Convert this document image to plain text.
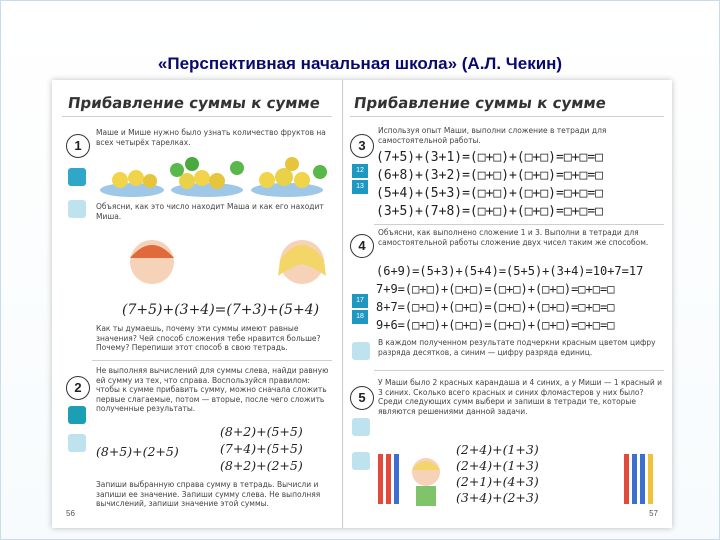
«Перспективная начальная школа» (А.Л. Чекин)
Прибавление суммы к сумме
1
Маше и Мише нужно было узнать количество фруктов на всех четырёх тарелках.
Объясни, как это число находит Маша и как его находит Миша.
(7+5)+(3+4)=(7+3)+(5+4)
Как ты думаешь, почему эти суммы имеют равные значения? Чей способ сложения тебе нравится больше? Почему? Перепиши этот способ в свою тетрадь.
2
Не выполняя вычислений для суммы слева, найди равную ей сумму из тех, что справа. Воспользуйся правилом: чтобы к сумме прибавить сумму, можно сначала сложить первые слагаемые, потом — вторые, после чего сложить полученные результаты.
(8+5)+(2+5)
(8+2)+(5+5)
(7+4)+(5+5)
(8+2)+(2+5)
Запиши выбранную справа сумму в тетрадь. Вычисли и запиши ее значение. Запиши сумму слева. Не выполняя вычислений, запиши значение этой суммы.
56
Прибавление суммы к сумме
3
12
13
Используя опыт Маши, выполни сложение в тетради для самостоятельной работы.
(7+5)+(3+1)=(□+□)+(□+□)=□+□=□
(6+8)+(3+2)=(□+□)+(□+□)=□+□=□
(5+4)+(5+3)=(□+□)+(□+□)=□+□=□
(3+5)+(7+8)=(□+□)+(□+□)=□+□=□
4
Объясни, как выполнено сложение 1 и 3. Выполни в тетради для самостоятельной работы сложение двух чисел таким же способом.
17
18
(6+9)=(5+3)+(5+4)=(5+5)+(3+4)=10+7=17
7+9=(□+□)+(□+□)=(□+□)+(□+□)=□+□=□
8+7=(□+□)+(□+□)=(□+□)+(□+□)=□+□=□
9+6=(□+□)+(□+□)=(□+□)+(□+□)=□+□=□
В каждом полученном результате подчеркни красным цветом цифру разряда десятков, а синим — цифру разряда единиц.
5
У Маши было 2 красных карандаша и 4 синих, а у Миши — 1 красный и 3 синих. Сколько всего красных и синих фломастеров у них было? Среди следующих сумм выбери и запиши в тетради те, которые являются решениями данной задачи.
(2+4)+(1+3)
(2+4)+(1+3)
(2+1)+(4+3)
(3+4)+(2+3)
57
